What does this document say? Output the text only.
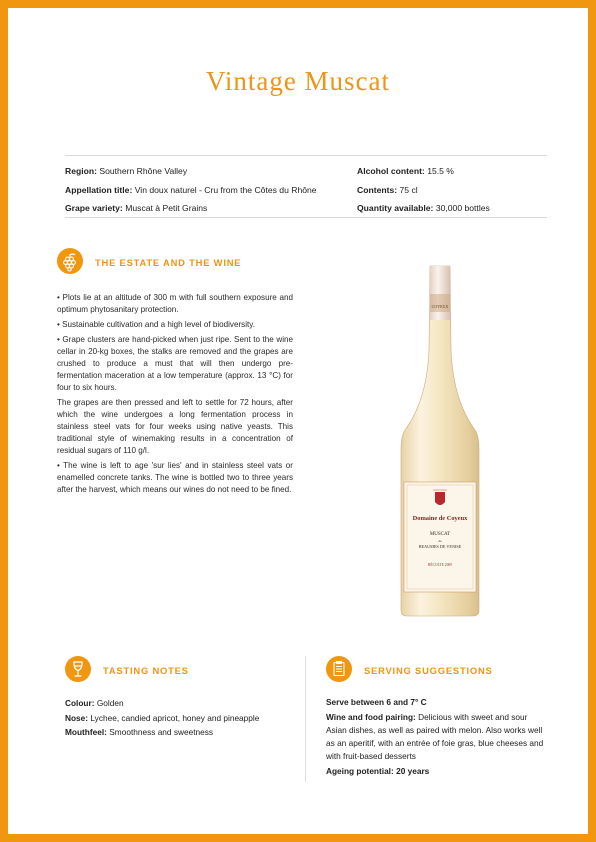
Vintage Muscat
Region: Southern Rhône Valley
Appellation title: Vin doux naturel - Cru from the Côtes du Rhône
Grape variety: Muscat à Petit Grains
Alcohol content: 15.5 %
Contents: 75 cl
Quantity available: 30,000 bottles
THE ESTATE AND THE WINE

• Plots lie at an altitude of 300 m with full southern exposure and optimum phytosanitary protection.

• Sustainable cultivation and a high level of biodiversity.

• Grape clusters are hand-picked when just ripe. Sent to the wine cellar in 20-kg boxes, the stalks are removed and the grapes are crushed to produce a must that will then undergo pre-fermentation maceration at a low temperature (approx. 13 °C) for four to six hours.

The grapes are then pressed and left to settle for 72 hours, after which the wine undergoes a long fermentation process in stainless steel vats for four weeks using native yeasts. This traditional style of winemaking results in a concentration of residual sugars of 110 g/l.

• The wine is left to age 'sur lies' and in stainless steel vats or enamelled concrete tanks. The wine is bottled two to three years after the harvest, which means our wines do not need to be fined.

COYEUX
Domaine de Coyeux
MUSCAT
de
BEAUMES DE VENISE
RÉCOLTE 2009
TASTING NOTES
Colour: Golden
Nose: Lychee, candied apricot, honey and pineapple
Mouthfeel: Smoothness and sweetness
SERVING SUGGESTIONS
Serve between 6 and 7° C
Wine and food pairing: Delicious with sweet and sour Asian dishes, as well as paired with melon. Also works well as an aperitif, with an entrée of foie gras, blue cheeses and with fruit-based desserts
Ageing potential: 20 years
